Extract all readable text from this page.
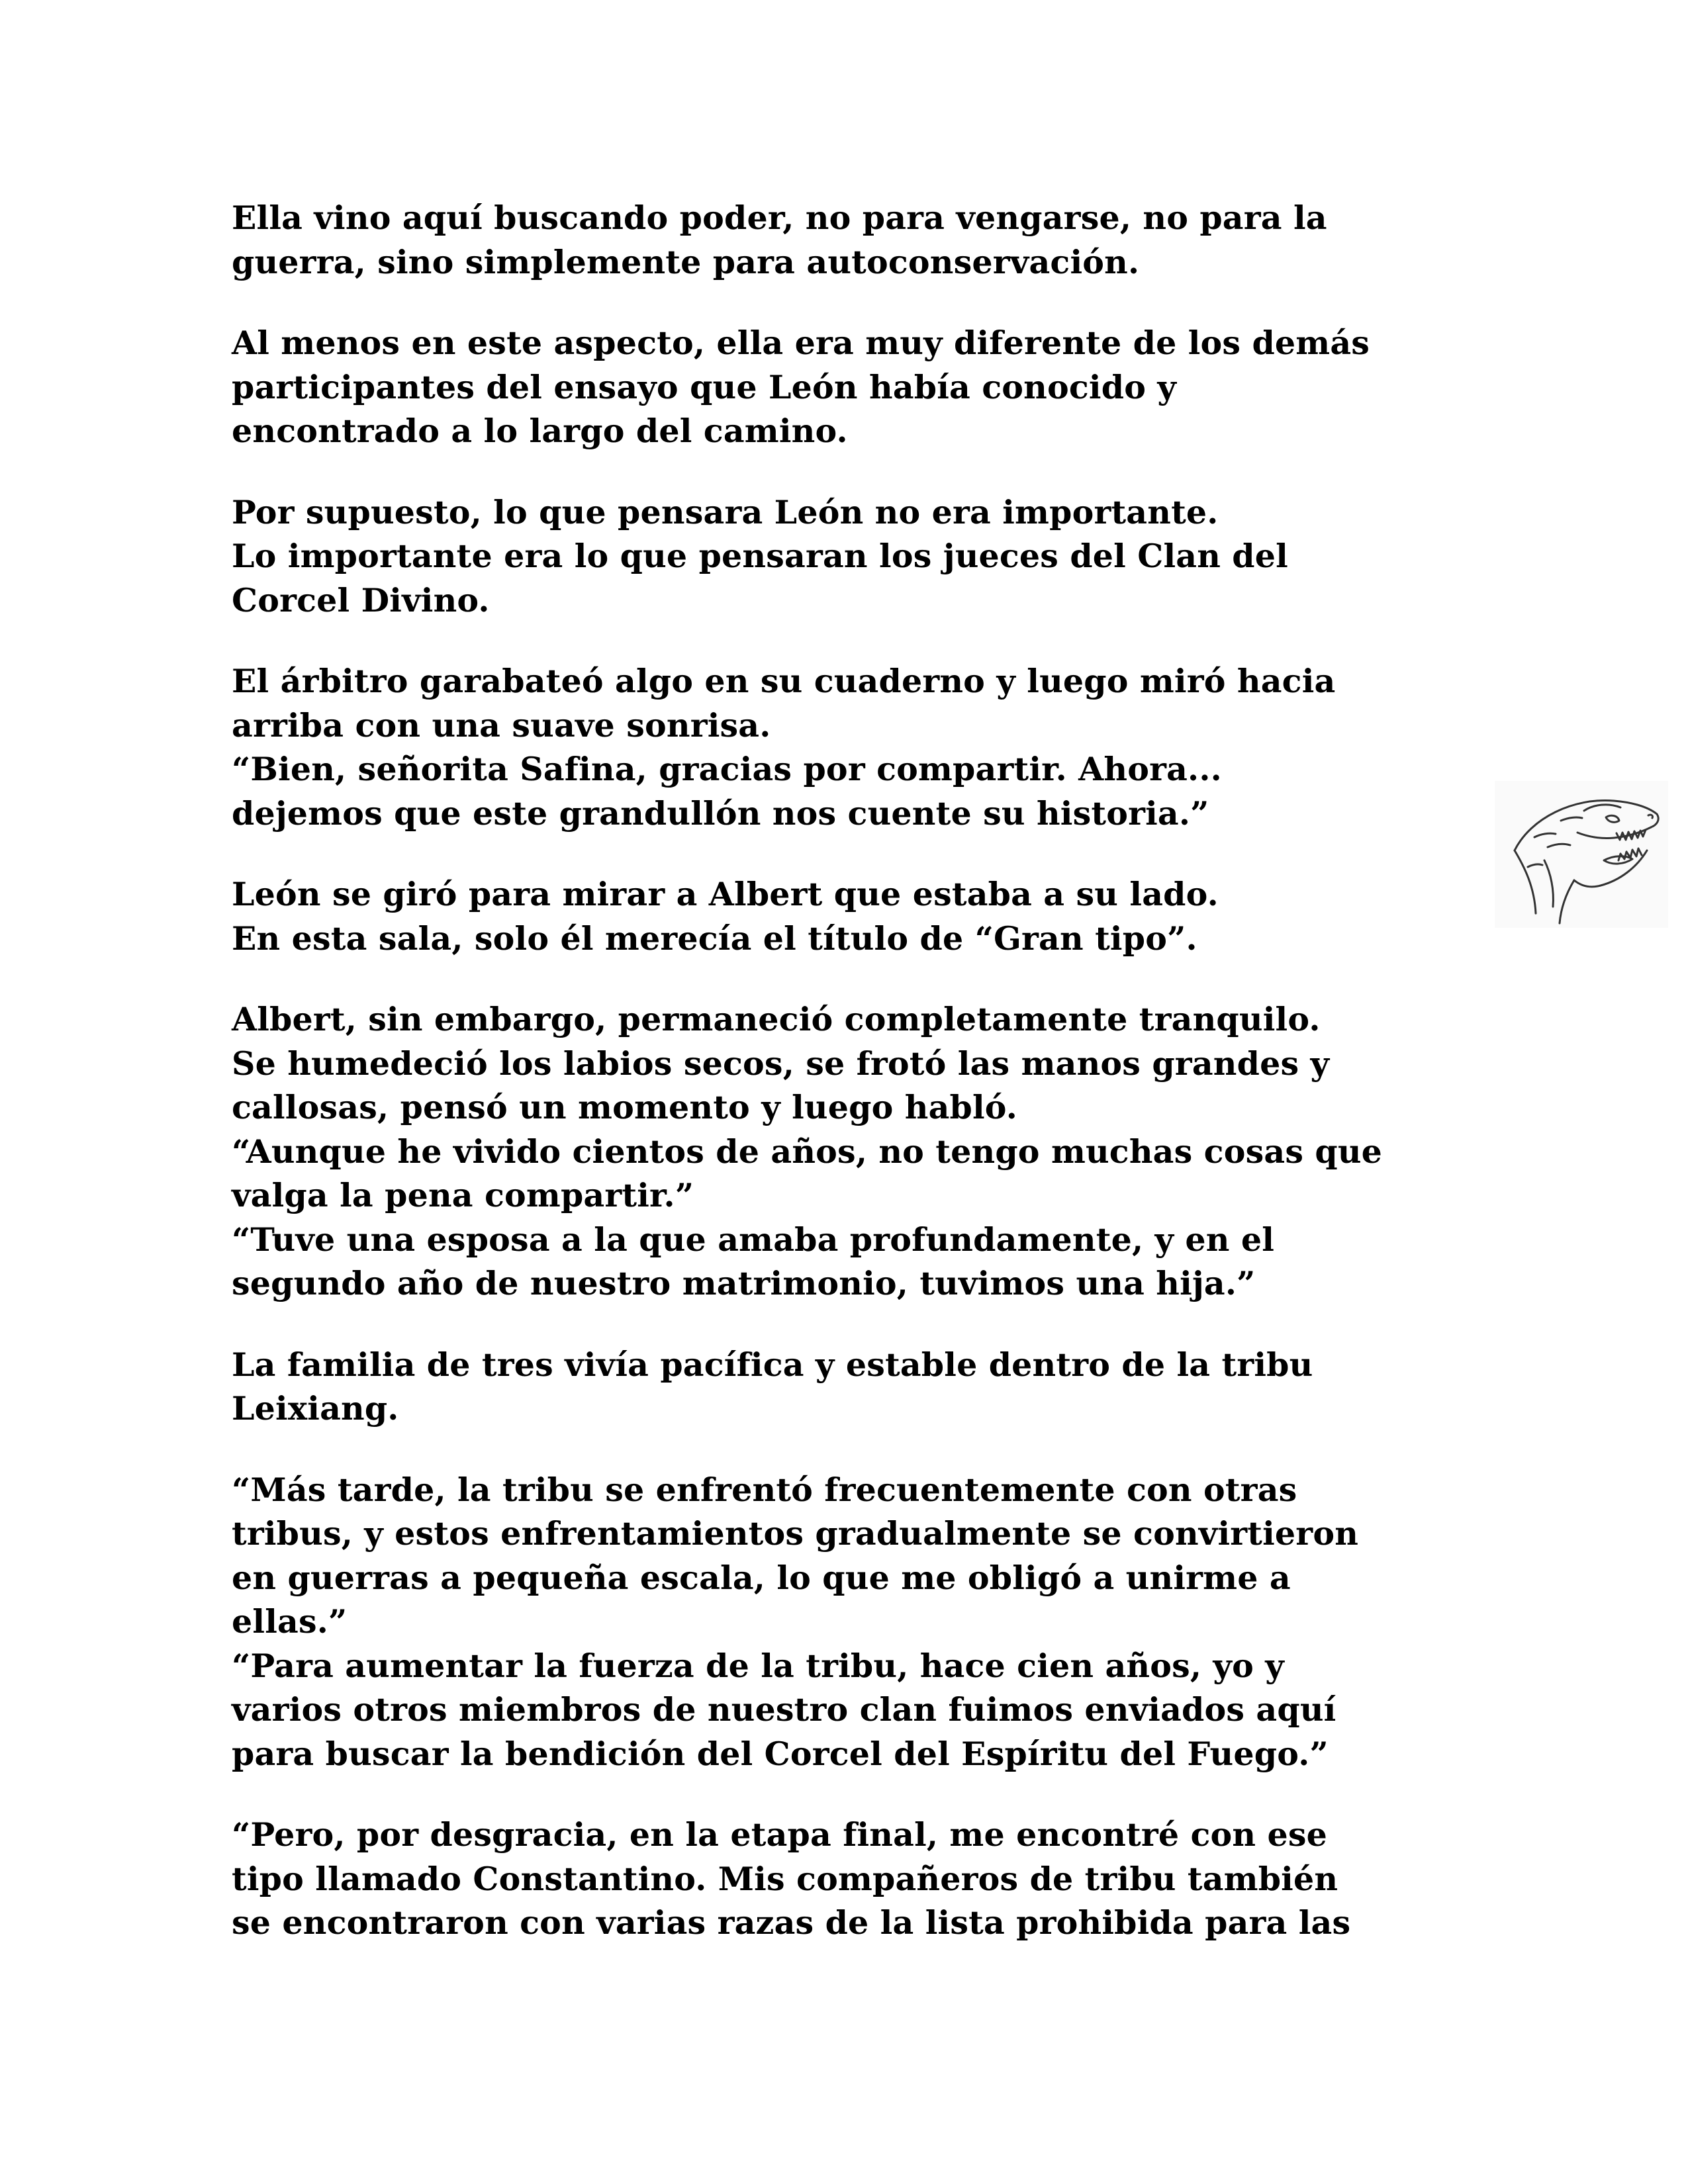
Ella vino aquí buscando poder, no para vengarse, no para la
guerra, sino simplemente para autoconservación.

Al menos en este aspecto, ella era muy diferente de los demás
participantes del ensayo que León había conocido y
encontrado a lo largo del camino.

Por supuesto, lo que pensara León no era importante.
Lo importante era lo que pensaran los jueces del Clan del
Corcel Divino.

El árbitro garabateó algo en su cuaderno y luego miró hacia
arriba con una suave sonrisa.
“Bien, señorita Safina, gracias por compartir. Ahora...
dejemos que este grandullón nos cuente su historia.”

León se giró para mirar a Albert que estaba a su lado.
En esta sala, solo él merecía el título de “Gran tipo”.

Albert, sin embargo, permaneció completamente tranquilo.
Se humedeció los labios secos, se frotó las manos grandes y
callosas, pensó un momento y luego habló.
“Aunque he vivido cientos de años, no tengo muchas cosas que
valga la pena compartir.”
“Tuve una esposa a la que amaba profundamente, y en el
segundo año de nuestro matrimonio, tuvimos una hija.”

La familia de tres vivía pacífica y estable dentro de la tribu
Leixiang.

“Más tarde, la tribu se enfrentó frecuentemente con otras
tribus, y estos enfrentamientos gradualmente se convirtieron
en guerras a pequeña escala, lo que me obligó a unirme a
ellas.”
“Para aumentar la fuerza de la tribu, hace cien años, yo y
varios otros miembros de nuestro clan fuimos enviados aquí
para buscar la bendición del Corcel del Espíritu del Fuego.”

“Pero, por desgracia, en la etapa final, me encontré con ese
tipo llamado Constantino. Mis compañeros de tribu también
se encontraron con varias razas de la lista prohibida para las
